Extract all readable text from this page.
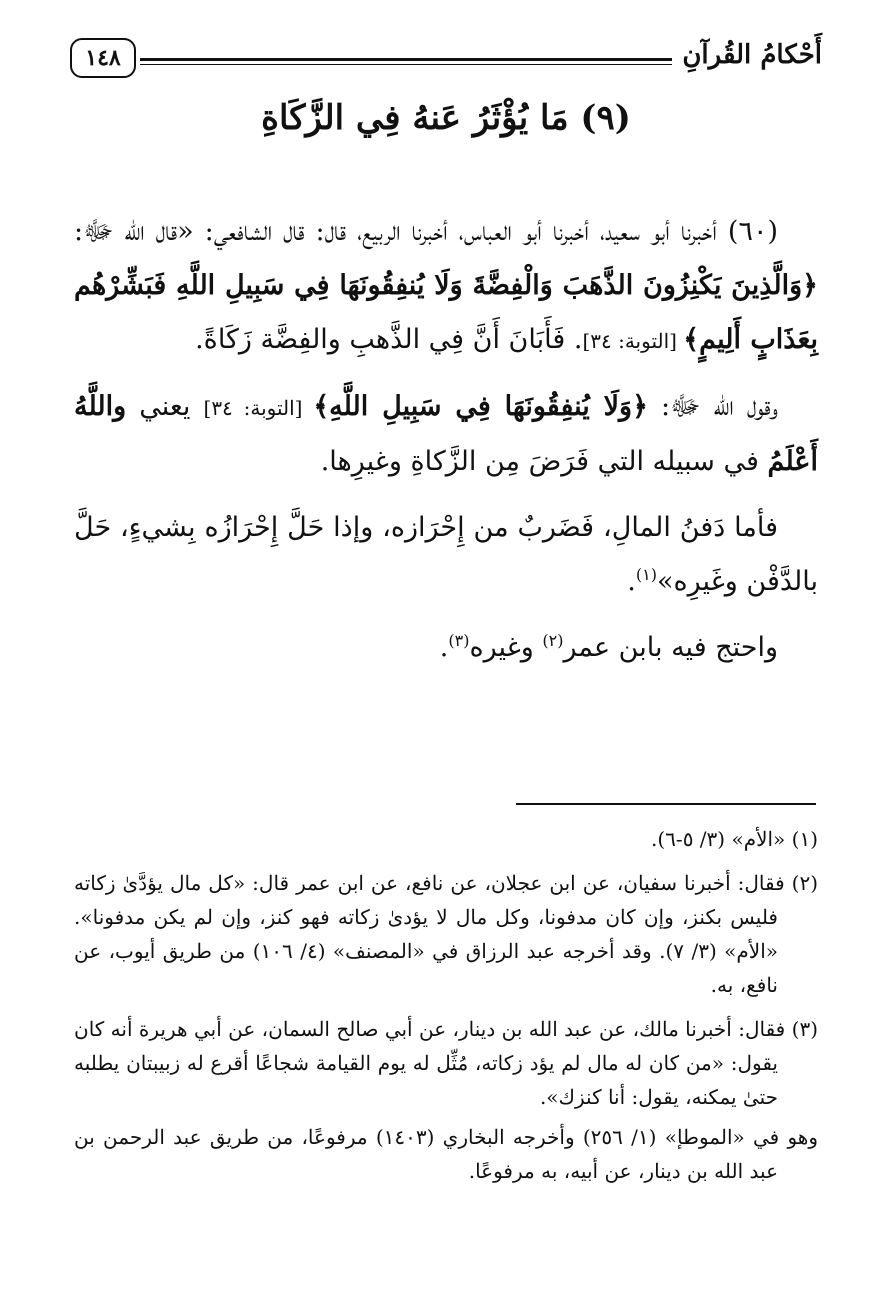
أَحْكامُ القُرآنِ
١٤٨
(٩) مَا يُؤْثَرُ عَنهُ فِي الزَّكَاةِ

(٦٠) أخبرنا أبو سعيد، أخبرنا أبو العباس، أخبرنا الربيع، قال: قال الشافعي: «قال الله ﷻ: ﴿وَالَّذِينَ يَكْنِزُونَ الذَّهَبَ وَالْفِضَّةَ وَلَا يُنفِقُونَهَا فِي سَبِيلِ اللَّهِ فَبَشِّرْهُم بِعَذَابٍ أَلِيمٍ﴾ [التوبة: ٣٤]. فَأَبَانَ أَنَّ فِي الذَّهبِ والفِضَّة زَكَاةً.

وقول الله ﷻ: ﴿وَلَا يُنفِقُونَهَا فِي سَبِيلِ اللَّهِ﴾ [التوبة: ٣٤] يعني واللَّهُ أَعْلَمُ في سبيله التي فَرَضَ مِن الزَّكاةِ وغيرِها.

فأما دَفنُ المالِ، فَضَربٌ من إِحْرَازه، وإذا حَلَّ إِحْرَازُه بِشيءٍ، حَلَّ بالدَّفْن وغَيرِه»$^{(١)}$.

واحتج فيه بابن عمر$^{(٢)}$ وغيره$^{(٣)}$.

(١) «الأم» (٣/ ٥-٦).

(٢) فقال: أخبرنا سفيان، عن ابن عجلان، عن نافع، عن ابن عمر قال: «كل مال يؤدَّىٰ زكاته فليس بكنز، وإن كان مدفونا، وكل مال لا يؤدىٰ زكاته فهو كنز، وإن لم يكن مدفونا». «الأم» (٣/ ٧). وقد أخرجه عبد الرزاق في «المصنف» (٤/ ١٠٦) من طريق أيوب، عن نافع، به.

(٣) فقال: أخبرنا مالك، عن عبد الله بن دينار، عن أبي صالح السمان، عن أبي هريرة أنه كان يقول: «من كان له مال لم يؤد زكاته، مُثِّل له يوم القيامة شجاعًا أقرع له زبيبتان يطلبه حتىٰ يمكنه، يقول: أنا كنزك».

وهو في «الموطإ» (١/ ٢٥٦) وأخرجه البخاري (١٤٠٣) مرفوعًا، من طريق عبد الرحمن بن عبد الله بن دينار، عن أبيه، به مرفوعًا.
